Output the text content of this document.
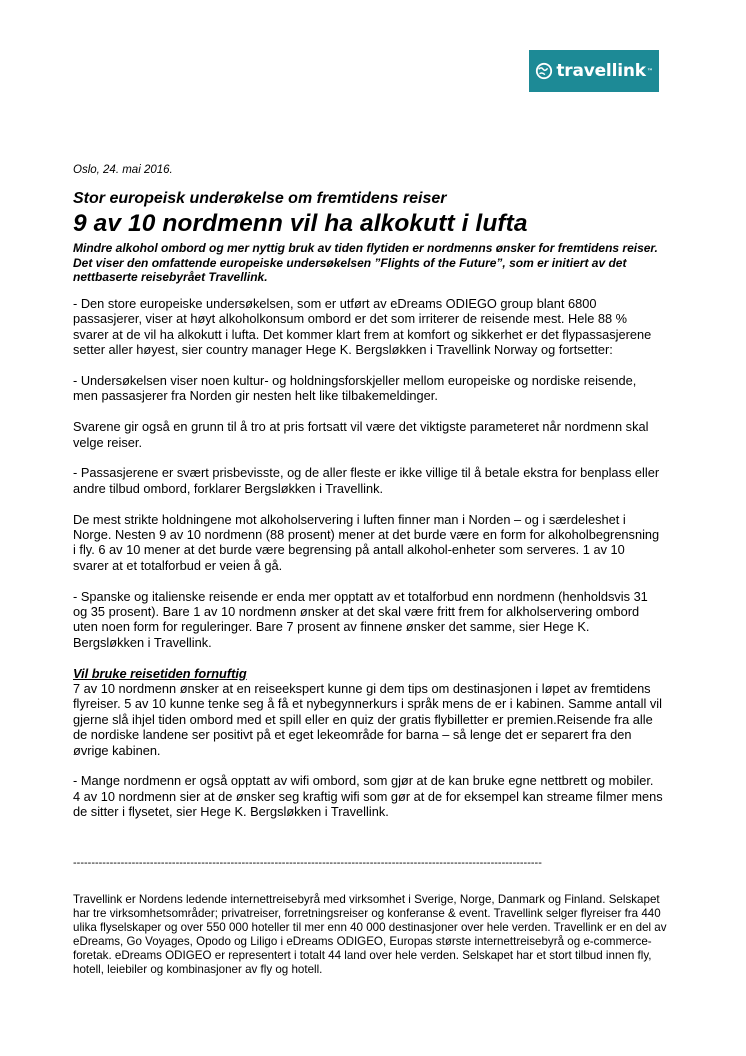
travellink ™
Oslo, 24. mai 2016.
Stor europeisk underøkelse om fremtidens reiser
9 av 10 nordmenn vil ha alkokutt i lufta
Mindre alkohol ombord og mer nyttig bruk av tiden flytiden er nordmenns ønsker for fremtidens reiser. Det viser den omfattende europeiske undersøkelsen ”Flights of the Future”, som er initiert av det nettbaserte reisebyrået Travellink.

- Den store europeiske undersøkelsen, som er utført av eDreams ODIEGO group blant 6800 passasjerer, viser at høyt alkoholkonsum ombord er det som irriterer de reisende mest. Hele 88 % svarer at de vil ha alkokutt i lufta. Det kommer klart frem at komfort og sikkerhet er det flypassasjerene setter aller høyest, sier country manager Hege K. Bergsløkken i Travellink Norway og fortsetter:

- Undersøkelsen viser noen kultur- og holdningsforskjeller mellom europeiske og nordiske reisende, men passasjerer fra Norden gir nesten helt like tilbakemeldinger.

Svarene gir også en grunn til å tro at pris fortsatt vil være det viktigste parameteret når nordmenn skal velge reiser.

- Passasjerene er svært prisbevisste, og de aller fleste er ikke villige til å betale ekstra for benplass eller andre tilbud ombord, forklarer Bergsløkken i Travellink.

De mest strikte holdningene mot alkoholservering i luften finner man i Norden – og i særdeleshet i Norge. Nesten 9 av 10 nordmenn (88 prosent) mener at det burde være en form for alkoholbegrensning i fly. 6 av 10 mener at det burde være begrensing på antall alkohol-enheter som serveres. 1 av 10 svarer at et totalforbud er veien å gå.

- Spanske og italienske reisende er enda mer opptatt av et totalforbud enn nordmenn (henholdsvis 31 og 35 prosent). Bare 1 av 10 nordmenn ønsker at det skal være fritt frem for alkholservering ombord uten noen form for reguleringer. Bare 7 prosent av finnene ønsker det samme, sier Hege K. Bergsløkken i Travellink.

Vil bruke reisetiden fornuftig

7 av 10 nordmenn ønsker at en reiseekspert kunne gi dem tips om destinasjonen i løpet av fremtidens flyreiser. 5 av 10 kunne tenke seg å få et nybegynnerkurs i språk mens de er i kabinen. Samme antall vil gjerne slå ihjel tiden ombord med et spill eller en quiz der gratis flybilletter er premien.Reisende fra alle de nordiske landene ser positivt på et eget lekeområde for barna – så lenge det er separert fra den øvrige kabinen.

- Mange nordmenn er også opptatt av wifi ombord, som gjør at de kan bruke egne nettbrett og mobiler. 4 av 10 nordmenn sier at de ønsker seg kraftig wifi som gør at de for eksempel kan streame filmer mens de sitter i flysetet, sier Hege K. Bergsløkken i Travellink.

--------------------------------------------------------------------------------------------------------------------------------
Travellink er Nordens ledende internettreisebyrå med virksomhet i Sverige, Norge, Danmark og Finland. Selskapet har tre virksomhetsområder; privatreiser, forretningsreiser og konferanse & event. Travellink selger flyreiser fra 440 ulika flyselskaper og over 550 000 hoteller til mer enn 40 000 destinasjoner over hele verden. Travellink er en del av eDreams, Go Voyages, Opodo og Liligo i eDreams ODIGEO, Europas største internettreisebyrå og e-commerce-foretak. eDreams ODIGEO er representert i totalt 44 land over hele verden. Selskapet har et stort tilbud innen fly, hotell, leiebiler og kombinasjoner av fly og hotell.
